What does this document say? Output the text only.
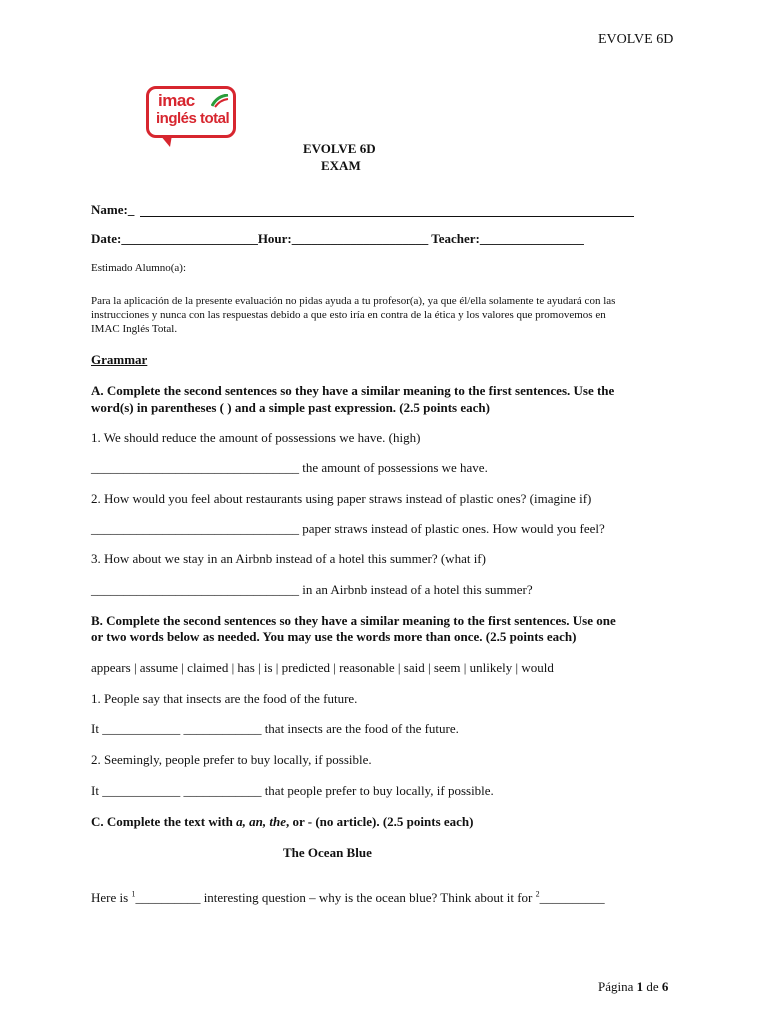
EVOLVE 6D
imac
inglés total
EVOLVE 6D
EXAM
Name:_
Date:_____________________Hour:_____________________ Teacher:________________
Estimado Alumno(a):
Para la aplicación de la presente evaluación no pidas ayuda a tu profesor(a), ya que él/ella solamente te ayudará con las
instrucciones y nunca con las respuestas debido a que esto iría en contra de la ética y los valores que promovemos en
IMAC Inglés Total.
Grammar
A. Complete the second sentences so they have a similar meaning to the first sentences. Use the
word(s) in parentheses ( ) and a simple past expression. (2.5 points each)
1. We should reduce the amount of possessions we have. (high)
________________________________ the amount of possessions we have.
2. How would you feel about restaurants using paper straws instead of plastic ones? (imagine if)
________________________________ paper straws instead of plastic ones. How would you feel?
3. How about we stay in an Airbnb instead of a hotel this summer? (what if)
________________________________ in an Airbnb instead of a hotel this summer?
B. Complete the second sentences so they have a similar meaning to the first sentences. Use one
or two words below as needed. You may use the words more than once. (2.5 points each)
appears | assume | claimed | has | is | predicted | reasonable | said | seem | unlikely | would
1. People say that insects are the food of the future.
It ____________ ____________ that insects are the food of the future.
2. Seemingly, people prefer to buy locally, if possible.
It ____________ ____________ that people prefer to buy locally, if possible.
C. Complete the text with a, an, the, or - (no article). (2.5 points each)
The Ocean Blue
Here is $^1$__________ interesting question – why is the ocean blue? Think about it for $^2$__________
Página 1 de 6
